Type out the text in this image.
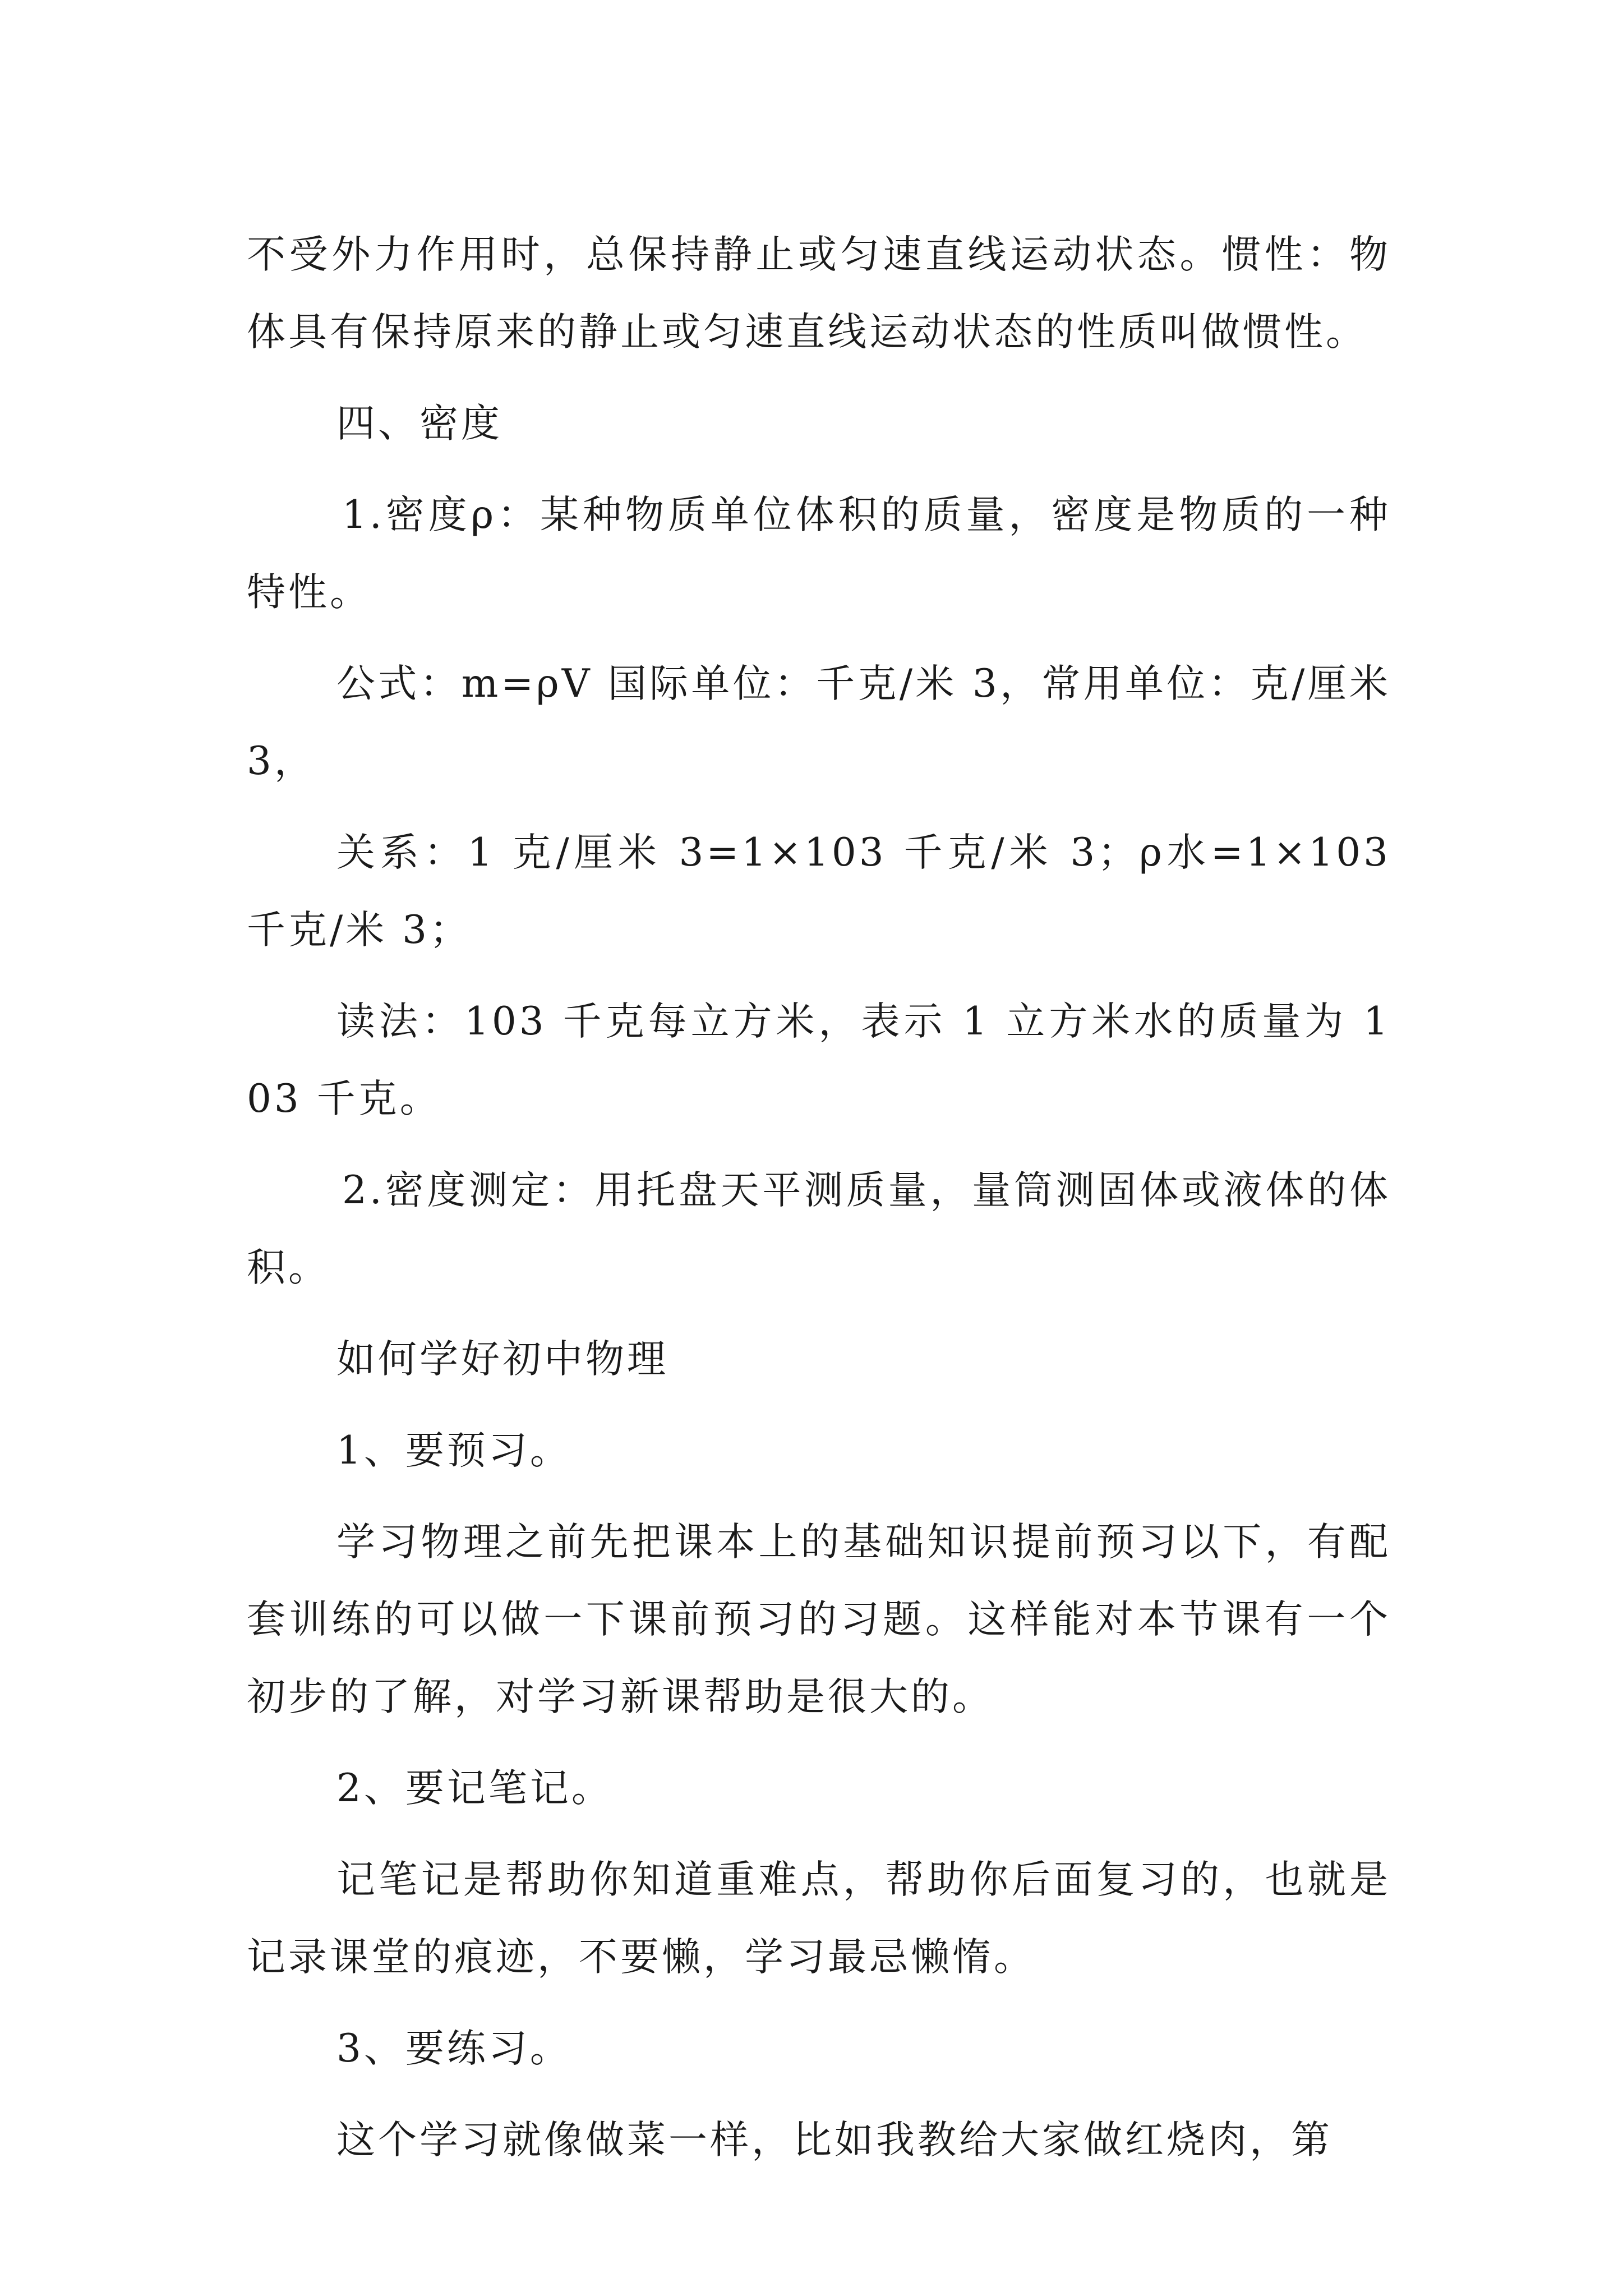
不受外力作用时，总保持静止或匀速直线运动状态。惯性：物体具有保持原来的静止或匀速直线运动状态的性质叫做惯性。

四、密度

1.密度ρ：某种物质单位体积的质量，密度是物质的一种特性。

公式：m=ρV 国际单位：千克/米 3，常用单位：克/厘米 3，

关系：1 克/厘米 3=1×103 千克/米 3；ρ水=1×103 千克/米 3；

读法：103 千克每立方米，表示 1 立方米水的质量为 103 千克。

2.密度测定：用托盘天平测质量，量筒测固体或液体的体积。

如何学好初中物理

1、要预习。

学习物理之前先把课本上的基础知识提前预习以下，有配套训练的可以做一下课前预习的习题。这样能对本节课有一个初步的了解，对学习新课帮助是很大的。

2、要记笔记。

记笔记是帮助你知道重难点，帮助你后面复习的，也就是记录课堂的痕迹，不要懒，学习最忌懒惰。

3、要练习。

这个学习就像做菜一样，比如我教给大家做红烧肉，第
